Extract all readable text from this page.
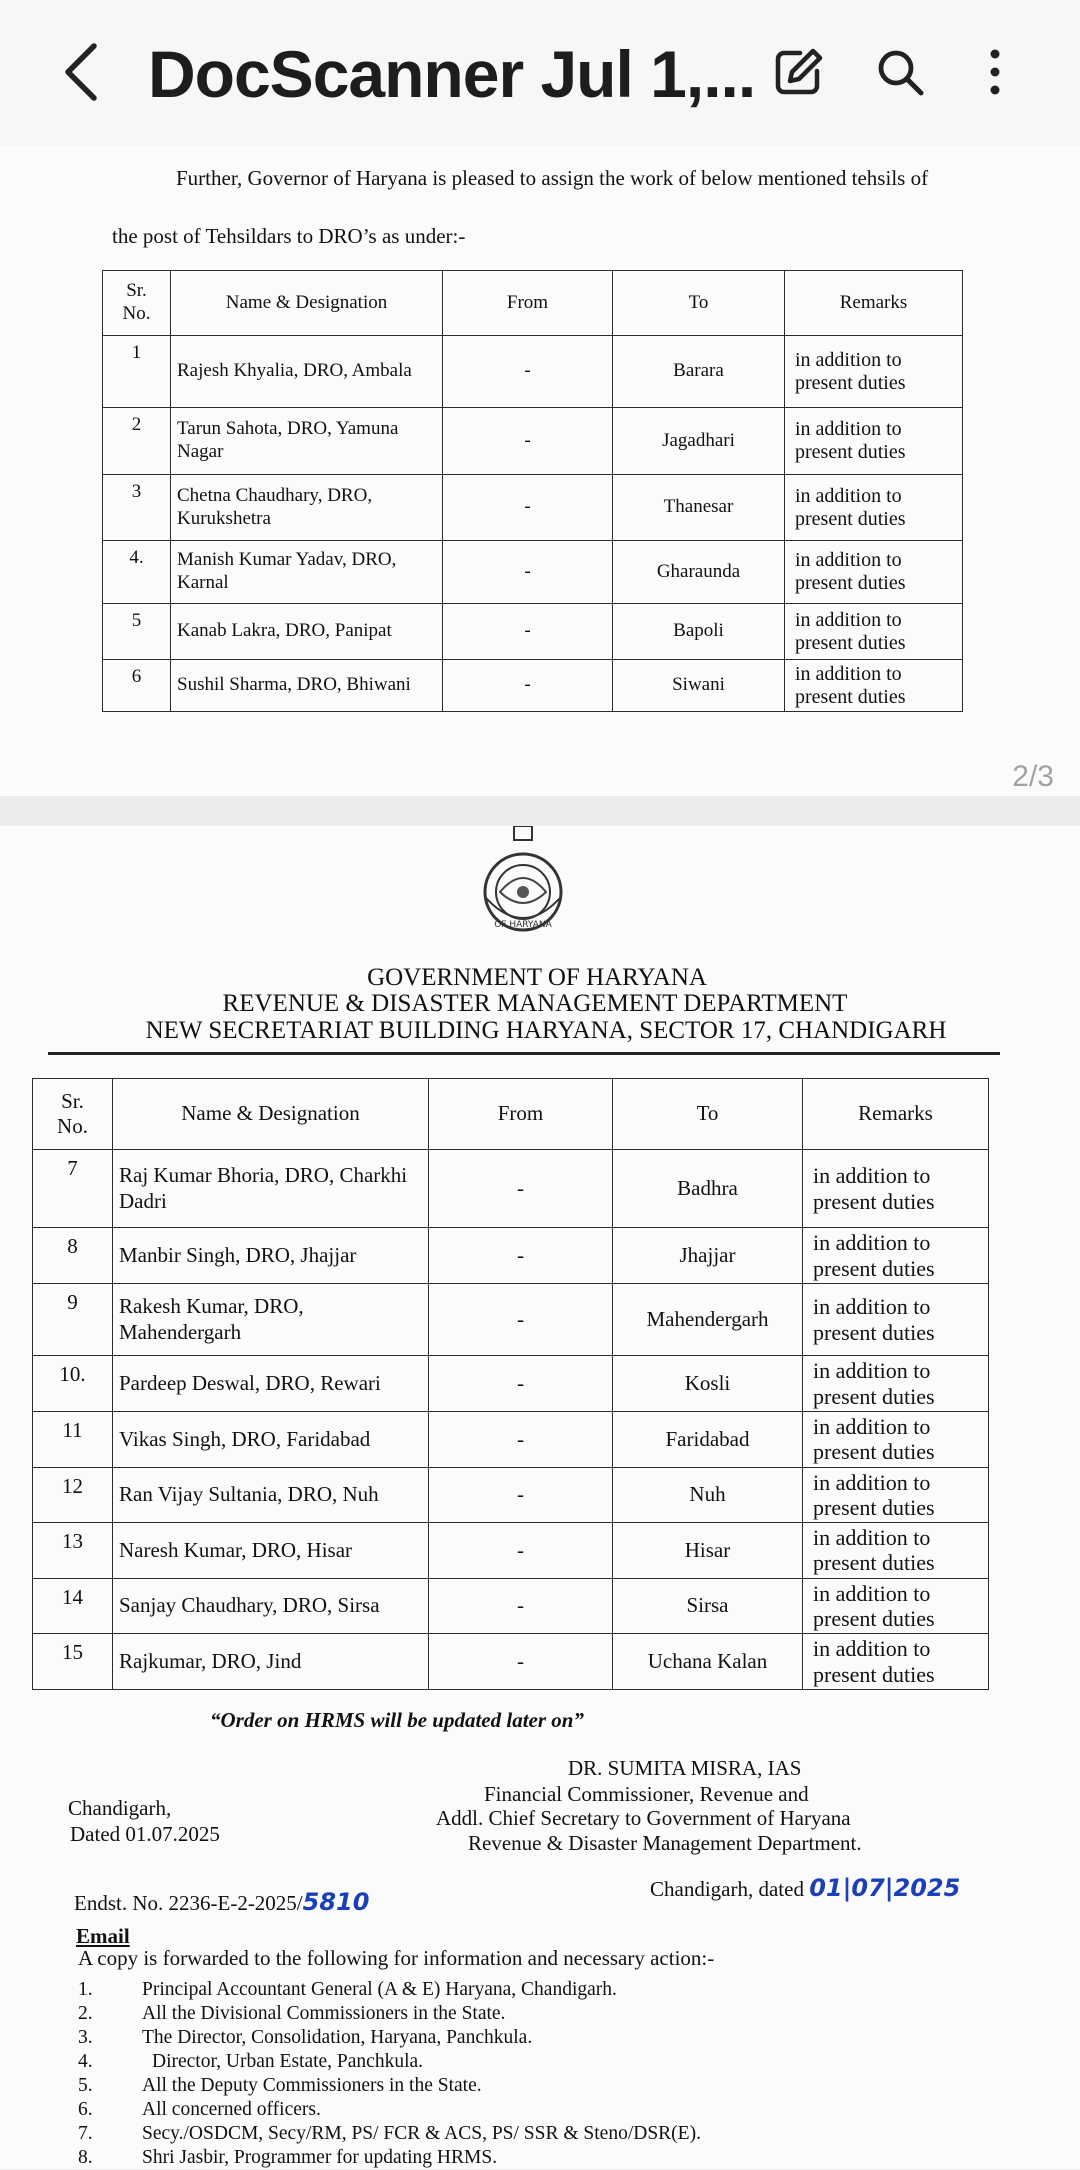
DocScanner Jul 1,...
Further, Governor of Haryana is pleased to assign the work of below mentioned tehsils of
the post of Tehsildars to DRO’s as under:-
Sr.
No.	Name & Designation	From	To	Remarks
1	Rajesh Khyalia, DRO, Ambala	-	Barara	in addition to present duties
2	Tarun Sahota, DRO, Yamuna Nagar	-	Jagadhari	in addition to present duties
3	Chetna Chaudhary, DRO, Kurukshetra	-	Thanesar	in addition to present duties
4.	Manish Kumar Yadav, DRO, Karnal	-	Gharaunda	in addition to present duties
5	Kanab Lakra, DRO, Panipat	-	Bapoli	in addition to present duties
6	Sushil Sharma, DRO, Bhiwani	-	Siwani	in addition to present duties
2/3
OF HARYANA
GOVERNMENT OF HARYANA
REVENUE & DISASTER MANAGEMENT DEPARTMENT
NEW SECRETARIAT BUILDING HARYANA, SECTOR 17, CHANDIGARH
Sr.
No.	Name & Designation	From	To	Remarks
7	Raj Kumar Bhoria, DRO, Charkhi Dadri	-	Badhra	in addition to present duties
8	Manbir Singh, DRO, Jhajjar	-	Jhajjar	in addition to present duties
9	Rakesh Kumar, DRO, Mahendergarh	-	Mahendergarh	in addition to present duties
10.	Pardeep Deswal, DRO, Rewari	-	Kosli	in addition to present duties
11	Vikas Singh, DRO, Faridabad	-	Faridabad	in addition to present duties
12	Ran Vijay Sultania, DRO, Nuh	-	Nuh	in addition to present duties
13	Naresh Kumar, DRO, Hisar	-	Hisar	in addition to present duties
14	Sanjay Chaudhary, DRO, Sirsa	-	Sirsa	in addition to present duties
15	Rajkumar, DRO, Jind	-	Uchana Kalan	in addition to present duties
“Order on HRMS will be updated later on”
DR. SUMITA MISRA, IAS
Financial Commissioner, Revenue and
Addl. Chief Secretary to Government of Haryana
Revenue & Disaster Management Department.
Chandigarh,
Dated 01.07.2025
Endst. No. 2236-E-2-2025/5810	Chandigarh, dated 01|07|2025
Email
A copy is forwarded to the following for information and necessary action:-
1.	Principal Accountant General (A & E) Haryana, Chandigarh.
2.	All the Divisional Commissioners in the State.
3.	The Director, Consolidation, Haryana, Panchkula.
4.	Director, Urban Estate, Panchkula.
5.	All the Deputy Commissioners in the State.
6.	All concerned officers.
7.	Secy./OSDCM, Secy/RM, PS/ FCR & ACS, PS/ SSR & Steno/DSR(E).
8.	Shri Jasbir, Programmer for updating HRMS.
